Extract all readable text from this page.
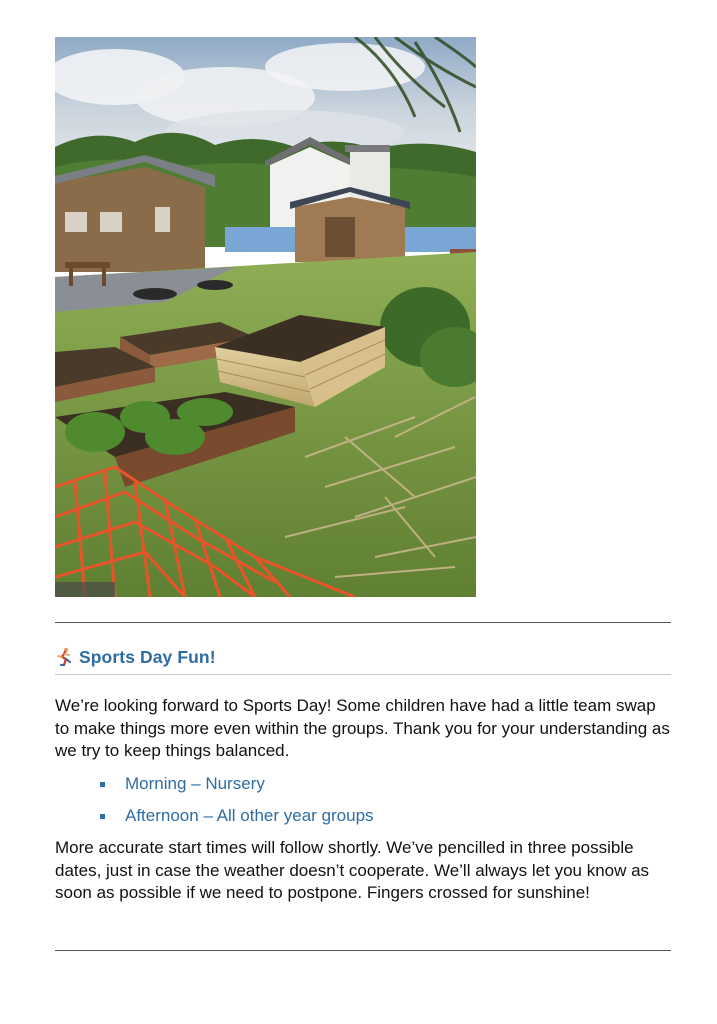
Sports Day Fun!

We’re looking forward to Sports Day! Some children have had a little team swap to make things more even within the groups. Thank you for your understanding as we try to keep things balanced.

Morning – Nursery
Afternoon – All other year groups

More accurate start times will follow shortly. We’ve pencilled in three possible dates, just in case the weather doesn’t cooperate. We’ll always let you know as soon as possible if we need to postpone. Fingers crossed for sunshine!
